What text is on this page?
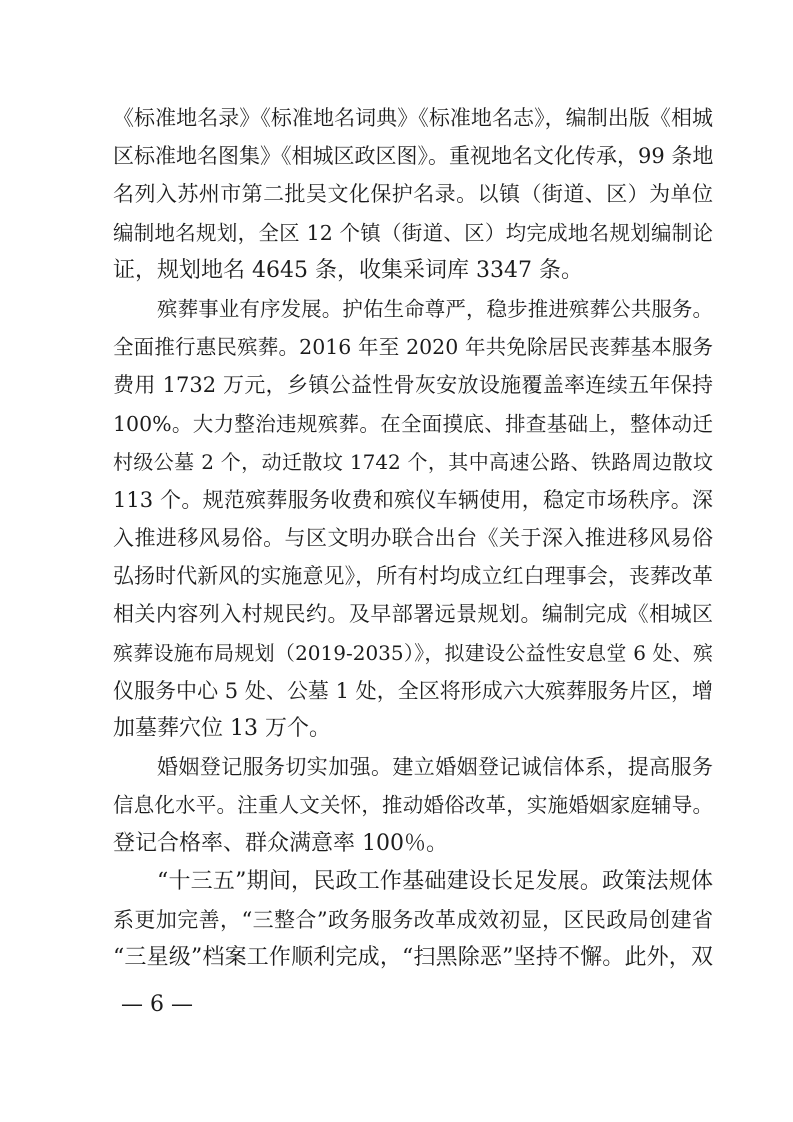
《标准地名录》《标准地名词典》《标准地名志》，编制出版《相城
区标准地名图集》《相城区政区图》。重视地名文化传承，99 条地
名列入苏州市第二批吴文化保护名录。以镇（街道、区）为单位
编制地名规划，全区 12 个镇（街道、区）均完成地名规划编制论
证，规划地名 4645 条，收集采词库 3347 条。
殡葬事业有序发展。护佑生命尊严，稳步推进殡葬公共服务。
全面推行惠民殡葬。2016 年至 2020 年共免除居民丧葬基本服务
费用 1732 万元，乡镇公益性骨灰安放设施覆盖率连续五年保持
100%。大力整治违规殡葬。在全面摸底、排查基础上，整体动迁
村级公墓 2 个，动迁散坟 1742 个，其中高速公路、铁路周边散坟
113 个。规范殡葬服务收费和殡仪车辆使用，稳定市场秩序。深
入推进移风易俗。与区文明办联合出台《关于深入推进移风易俗
弘扬时代新风的实施意见》，所有村均成立红白理事会，丧葬改革
相关内容列入村规民约。及早部署远景规划。编制完成《相城区
殡葬设施布局规划（2019-2035）》，拟建设公益性安息堂 6 处、殡
仪服务中心 5 处、公墓 1 处，全区将形成六大殡葬服务片区，增
加墓葬穴位 13 万个。
婚姻登记服务切实加强。建立婚姻登记诚信体系，提高服务
信息化水平。注重人文关怀，推动婚俗改革，实施婚姻家庭辅导。
登记合格率、群众满意率 100％。
“十三五”期间，民政工作基础建设长足发展。政策法规体
系更加完善，“三整合”政务服务改革成效初显，区民政局创建省
“三星级”档案工作顺利完成，“扫黑除恶”坚持不懈。此外，双
— 6 —
